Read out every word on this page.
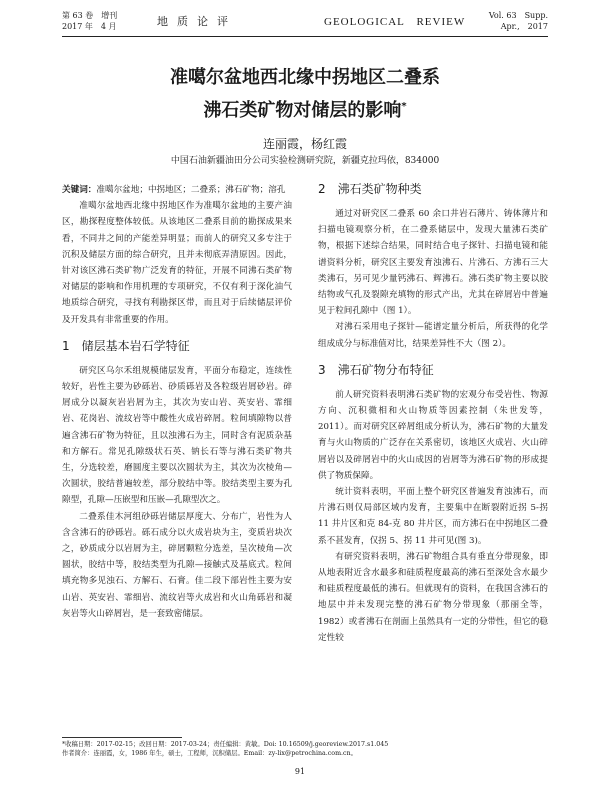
第 63 卷　增刊
2017 年　4 月	地质论评	GEOLOGICAL　REVIEW
Vol. 63　Supp.
Apr.,　2017
准噶尔盆地西北缘中拐地区二叠系
沸石类矿物对储层的影响*
连丽霞，杨红霞
中国石油新疆油田分公司实验检测研究院，新疆克拉玛依，834000

关键词：准噶尔盆地；中拐地区；二叠系；沸石矿物；溶孔

准噶尔盆地西北缘中拐地区作为准噶尔盆地的主要产油区，勘探程度整体较低。从该地区二叠系目前的勘探成果来看，不同井之间的产能差异明显；而前人的研究又多专注于沉积及储层方面的综合研究，且并未彻底弄清原因。因此，针对该区沸石类矿物广泛发育的特征，开展不同沸石类矿物对储层的影响和作用机理的专项研究，不仅有利于深化油气地质综合研究，寻找有利勘探区带，而且对于后续储层评价及开发具有非常重要的作用。

1　储层基本岩石学特征

研究区乌尔禾组规模储层发育，平面分布稳定，连续性较好，岩性主要为砂砾岩、砂质砾岩及各粒级岩屑砂岩。碎屑成分以凝灰岩岩屑为主，其次为安山岩、英安岩、霏细岩、花岗岩、流纹岩等中酸性火成岩碎屑。粒间填隙物以普遍含沸石矿物为特征，且以浊沸石为主，同时含有泥质杂基和方解石。常见孔隙级状石英、钠长石等与沸石类矿物共生，分选较差，磨圆度主要以次圆状为主，其次为次棱角—次圆状，胶结普遍较差，部分胶结中等。胶结类型主要为孔隙型，孔隙—压嵌型和压嵌—孔隙型次之。

二叠系佳木河组砂砾岩储层厚度大、分布广，岩性为人含含沸石的砂砾岩。砾石成分以火成岩块为主，变质岩块次之，砂质成分以岩屑为主，碎屑颗粒分选差，呈次棱角—次圆状，胶结中等，胶结类型为孔隙—接触式及基底式。粒间填充物多见浊石、方解石、石膏。佳二段下部岩性主要为安山岩、英安岩、霏细岩、流纹岩等火成岩和火山角砾岩和凝灰岩等火山碎屑岩，是一套致密储层。

2　沸石类矿物种类

通过对研究区二叠系 60 余口井岩石薄片、铸体薄片和扫描电镜观察分析，在二叠系储层中，发现大量沸石类矿物，根据下述综合结果，同时结合电子探针、扫描电镜和能谱资料分析，研究区主要发育浊沸石、片沸石、方沸石三大类沸石，另可见少量钙沸石、辉沸石。沸石类矿物主要以胶结物或气孔及裂隙充填物的形式产出，尤其在碎屑岩中普遍见于粒间孔隙中（图 1）。

对沸石采用电子探针—能谱定量分析后，所获得的化学组成成分与标准值对比，结果差异性不大（图 2）。

3　沸石矿物分布特征

前人研究资料表明沸石类矿物的宏观分布受岩性、物源方向、沉积微相和火山物质等因素控制（朱世发等，2011）。而对研究区碎屑组成分析认为，沸石矿物的大量发育与火山物质的广泛存在关系密切，该地区火成岩、火山碎屑岩以及碎屑岩中的火山成因的岩屑等为沸石矿物的形成提供了物质保障。

统计资料表明，平面上整个研究区普遍发育浊沸石，而片沸石则仅局部区域内发育，主要集中在断裂附近拐 5-拐 11 井片区和克 84-克 80 井片区，而方沸石在中拐地区二叠系不甚发育，仅拐 5、拐 11 井可见(图 3)。

有研究资料表明，沸石矿物组合具有垂直分带现象，即从地表附近含水最多和硅质程度最高的沸石至深处含水最少和硅质程度最低的沸石。但就现有的资料，在我国含沸石的地层中并未发现完整的沸石矿物分带现象（那丽全等，1982）或者沸石在剖面上虽然具有一定的分带性，但它的稳定性较

*收稿日期：2017-02-15；改回日期：2017-03-24；责任编辑：黄敏。Doi: 10.16509/j.georeview.2017.s1.045
作者简介：连丽霞，女，1986 年生，硕士，工程师，沉积储层。Email：zy-lix@petrochina.com.cn。
91
